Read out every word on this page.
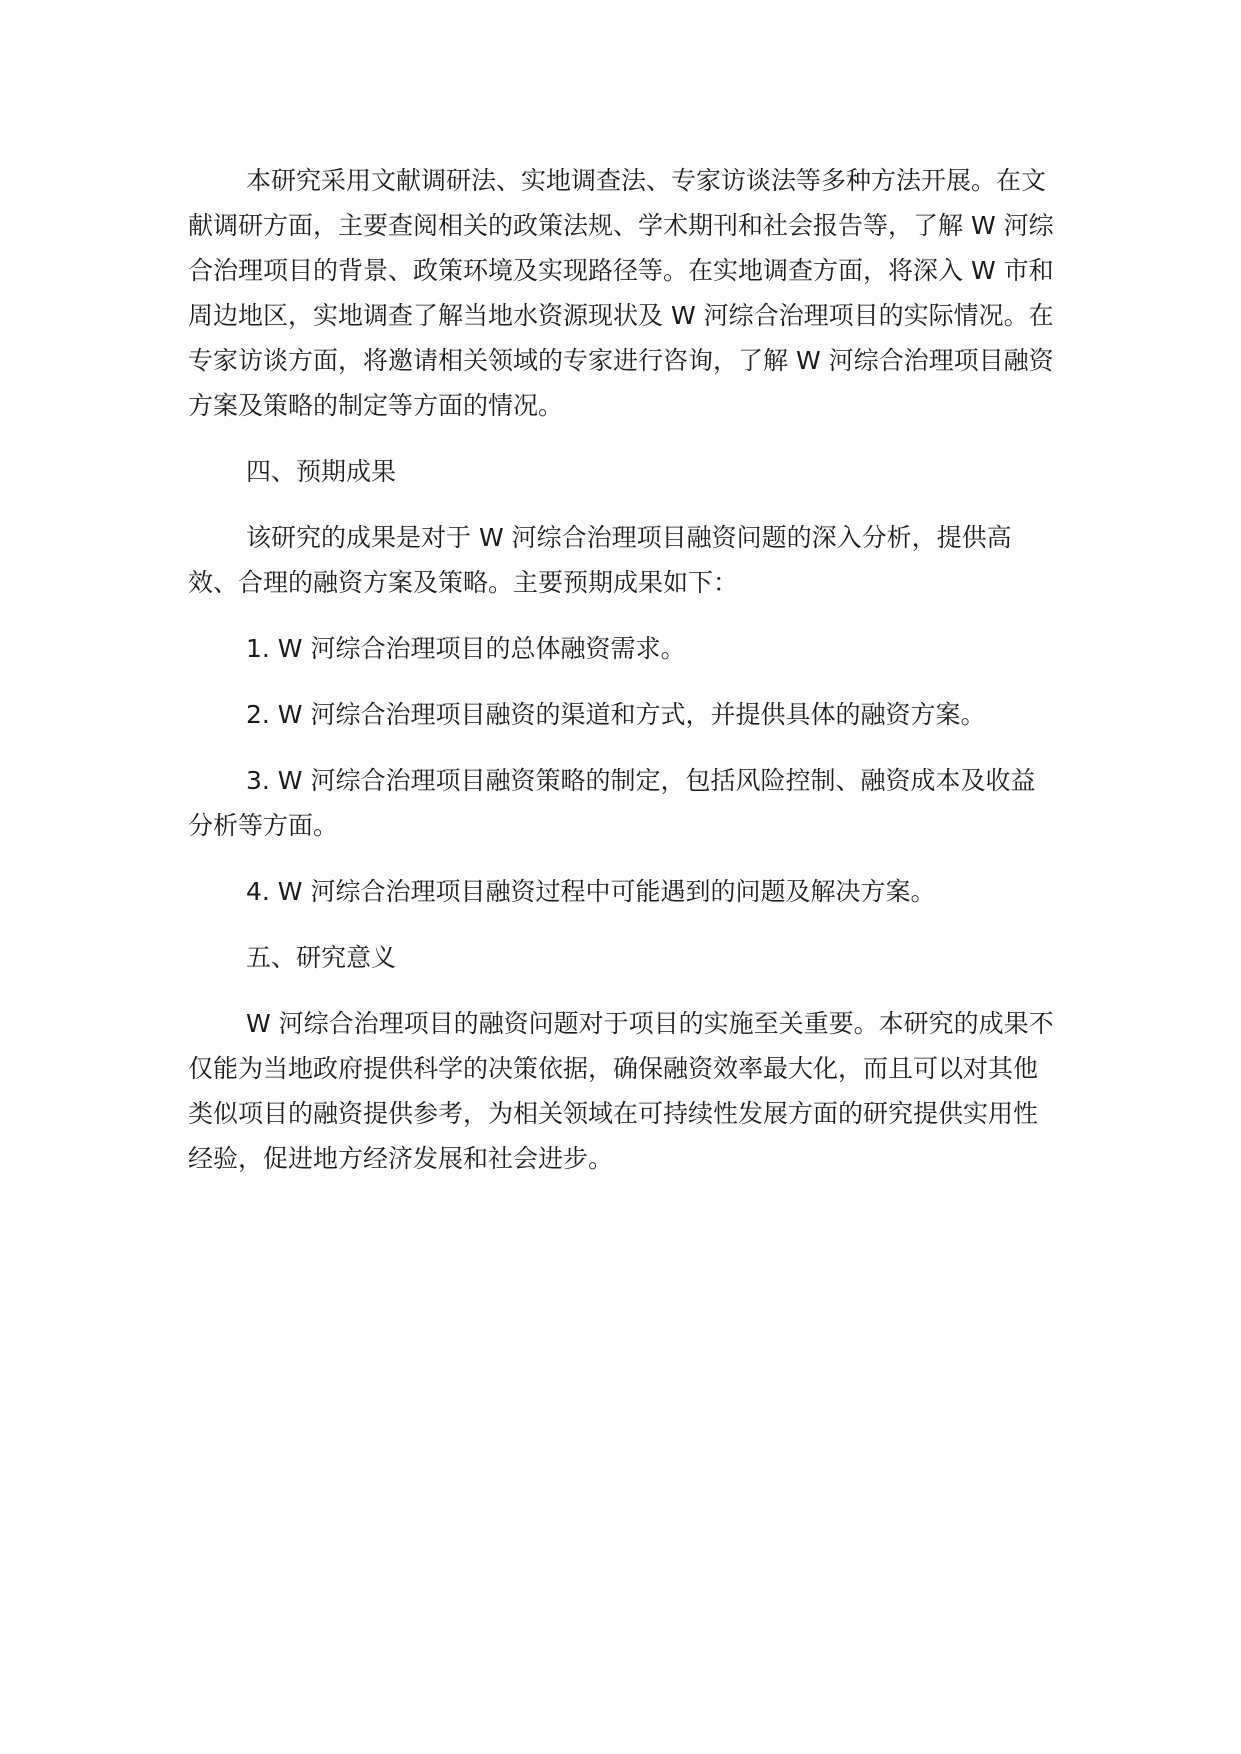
本研究采用文献调研法、实地调查法、专家访谈法等多种方法开展。在文献调研方面，主要查阅相关的政策法规、学术期刊和社会报告等，了解 W 河综合治理项目的背景、政策环境及实现路径等。在实地调查方面，将深入 W 市和周边地区，实地调查了解当地水资源现状及 W 河综合治理项目的实际情况。在专家访谈方面，将邀请相关领域的专家进行咨询，了解 W 河综合治理项目融资方案及策略的制定等方面的情况。

四、预期成果

该研究的成果是对于 W 河综合治理项目融资问题的深入分析，提供高效、合理的融资方案及策略。主要预期成果如下：

1. W 河综合治理项目的总体融资需求。

2. W 河综合治理项目融资的渠道和方式，并提供具体的融资方案。

3. W 河综合治理项目融资策略的制定，包括风险控制、融资成本及收益分析等方面。

4. W 河综合治理项目融资过程中可能遇到的问题及解决方案。

五、研究意义

W 河综合治理项目的融资问题对于项目的实施至关重要。本研究的成果不仅能为当地政府提供科学的决策依据，确保融资效率最大化，而且可以对其他类似项目的融资提供参考，为相关领域在可持续性发展方面的研究提供实用性经验，促进地方经济发展和社会进步。
